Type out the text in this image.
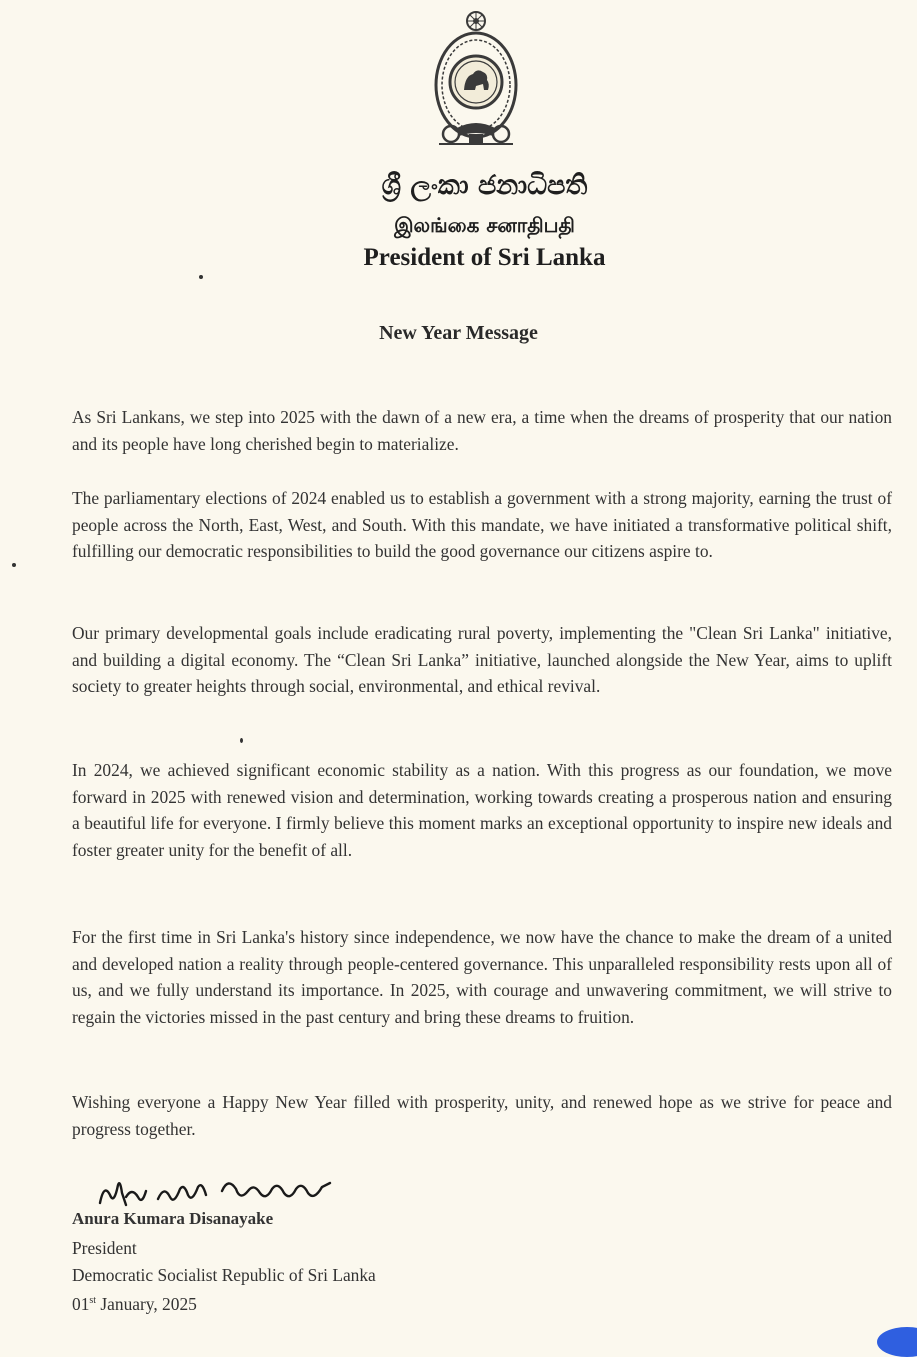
ශ්‍රී ලංකා ජනාධිපති
இலங்கை சனாதிபதி
President of Sri Lanka
New Year Message

As Sri Lankans, we step into 2025 with the dawn of a new era, a time when the dreams of prosperity that our nation and its people have long cherished begin to materialize.

The parliamentary elections of 2024 enabled us to establish a government with a strong majority, earning the trust of people across the North, East, West, and South. With this mandate, we have initiated a transformative political shift, fulfilling our democratic responsibilities to build the good governance our citizens aspire to.

Our primary developmental goals include eradicating rural poverty, implementing the "Clean Sri Lanka" initiative, and building a digital economy. The “Clean Sri Lanka” initiative, launched alongside the New Year, aims to uplift society to greater heights through social, environmental, and ethical revival.

In 2024, we achieved significant economic stability as a nation. With this progress as our foundation, we move forward in 2025 with renewed vision and determination, working towards creating a prosperous nation and ensuring a beautiful life for everyone. I firmly believe this moment marks an exceptional opportunity to inspire new ideals and foster greater unity for the benefit of all.

For the first time in Sri Lanka's history since independence, we now have the chance to make the dream of a united and developed nation a reality through people-centered governance. This unparalleled responsibility rests upon all of us, and we fully understand its importance. In 2025, with courage and unwavering commitment, we will strive to regain the victories missed in the past century and bring these dreams to fruition.

Wishing everyone a Happy New Year filled with prosperity, unity, and renewed hope as we strive for peace and progress together.

Anura Kumara Disanayake
President
Democratic Socialist Republic of Sri Lanka
01st January, 2025
